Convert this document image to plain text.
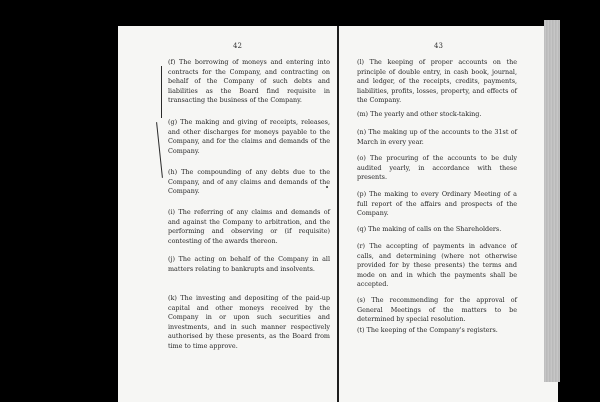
42
(f) The borrowing of moneys and entering into contracts for the Company, and contracting on behalf of the Company of such debts and liabilities as the Board find requisite in transacting the business of the Company.
(g) The making and giving of receipts, releases, and other discharges for moneys payable to the Company, and for the claims and demands of the Company.
(h) The compounding of any debts due to the Company, and of any claims and demands of the Company.
(i) The referring of any claims and demands of and against the Company to arbitration, and the performing and observing or (if requisite) contesting of the awards thereon.
(j) The acting on behalf of the Company in all matters relating to bankrupts and insolvents.
(k) The investing and depositing of the paid-up capital and other moneys received by the Company in or upon such securities and investments, and in such manner respectively authorised by these presents, as the Board from time to time approve.
43
(l) The keeping of proper accounts on the principle of double entry, in cash book, journal, and ledger, of the receipts, credits, payments, liabilities, profits, losses, property, and effects of the Company.
(m) The yearly and other stock-taking.
(n) The making up of the accounts to the 31st of March in every year.
(o) The procuring of the accounts to be duly audited yearly, in accordance with these presents.
(p) The making to every Ordinary Meeting of a full report of the affairs and prospects of the Company.
(q) The making of calls on the Shareholders.
(r) The accepting of payments in advance of calls, and determining (where not otherwise provided for by these presents) the terms and mode on and in which the payments shall be accepted.
(s) The recommending for the approval of General Meetings of the matters to be determined by special resolution.
(t) The keeping of the Company's registers.
